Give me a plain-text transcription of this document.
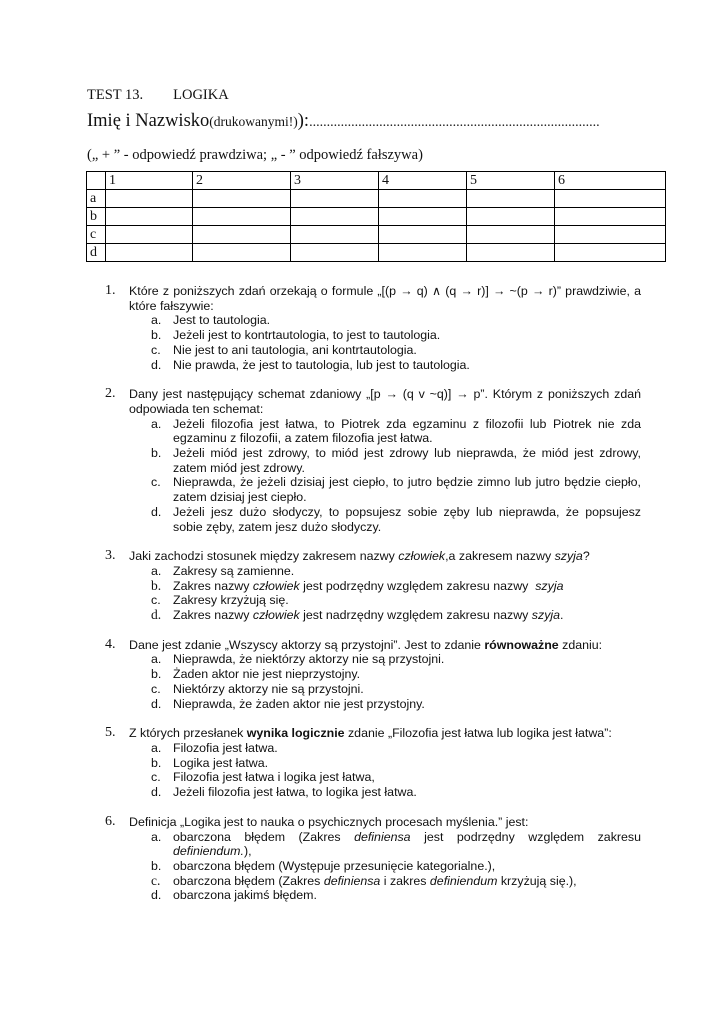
TEST 13. LOGIKA
Imię i Nazwisko(drukowanymi!)):...................................................................................
(„ + ” - odpowiedź prawdziwa; „ - ” odpowiedź fałszywa)
	1	2	3	4	5	6
a						
b						
c						
d						
1.	Które z poniższych zdań orzekają o formule „[(p → q) ∧ (q → r)] → ~(p → r)” prawdziwie, a które fałszywie:
a. Jest to tautologia.
b. Jeżeli jest to kontrtautologia, to jest to tautologia.
c. Nie jest to ani tautologia, ani kontrtautologia.
d. Nie prawda, że jest to tautologia, lub jest to tautologia.
2.	Dany jest następujący schemat zdaniowy „[p → (q v ~q)] → p”. Którym z poniższych zdań odpowiada ten schemat:
a. Jeżeli filozofia jest łatwa, to Piotrek zda egzaminu z filozofii lub Piotrek nie zda egzaminu z filozofii, a zatem filozofia jest łatwa.
b. Jeżeli miód jest zdrowy, to miód jest zdrowy lub nieprawda, że miód jest zdrowy, zatem miód jest zdrowy.
c. Nieprawda, że jeżeli dzisiaj jest ciepło, to jutro będzie zimno lub jutro będzie ciepło, zatem dzisiaj jest ciepło.
d. Jeżeli jesz dużo słodyczy, to popsujesz sobie zęby lub nieprawda, że popsujesz sobie zęby, zatem jesz dużo słodyczy.
3.	Jaki zachodzi stosunek między zakresem nazwy człowiek,a zakresem nazwy szyja?
a. Zakresy są zamienne.
b. Zakres nazwy człowiek jest podrzędny względem zakresu nazwy  szyja
c. Zakresy krzyżują się.
d. Zakres nazwy człowiek jest nadrzędny względem zakresu nazwy szyja.
4.	Dane jest zdanie „Wszyscy aktorzy są przystojni”. Jest to zdanie równoważne zdaniu:
a. Nieprawda, że niektórzy aktorzy nie są przystojni.
b. Żaden aktor nie jest nieprzystojny.
c. Niektórzy aktorzy nie są przystojni.
d. Nieprawda, że żaden aktor nie jest przystojny.
5.	Z których przesłanek wynika logicznie zdanie „Filozofia jest łatwa lub logika jest łatwa”:
a. Filozofia jest łatwa.
b. Logika jest łatwa.
c. Filozofia jest łatwa i logika jest łatwa,
d. Jeżeli filozofia jest łatwa, to logika jest łatwa.
6.	Definicja „Logika jest to nauka o psychicznych procesach myślenia.” jest:
a. obarczona błędem (Zakres definiensa jest podrzędny względem zakresu definiendum.),
b. obarczona błędem (Występuje przesunięcie kategorialne.),
c. obarczona błędem (Zakres definiensa i zakres definiendum krzyżują się.),
d. obarczona jakimś błędem.
